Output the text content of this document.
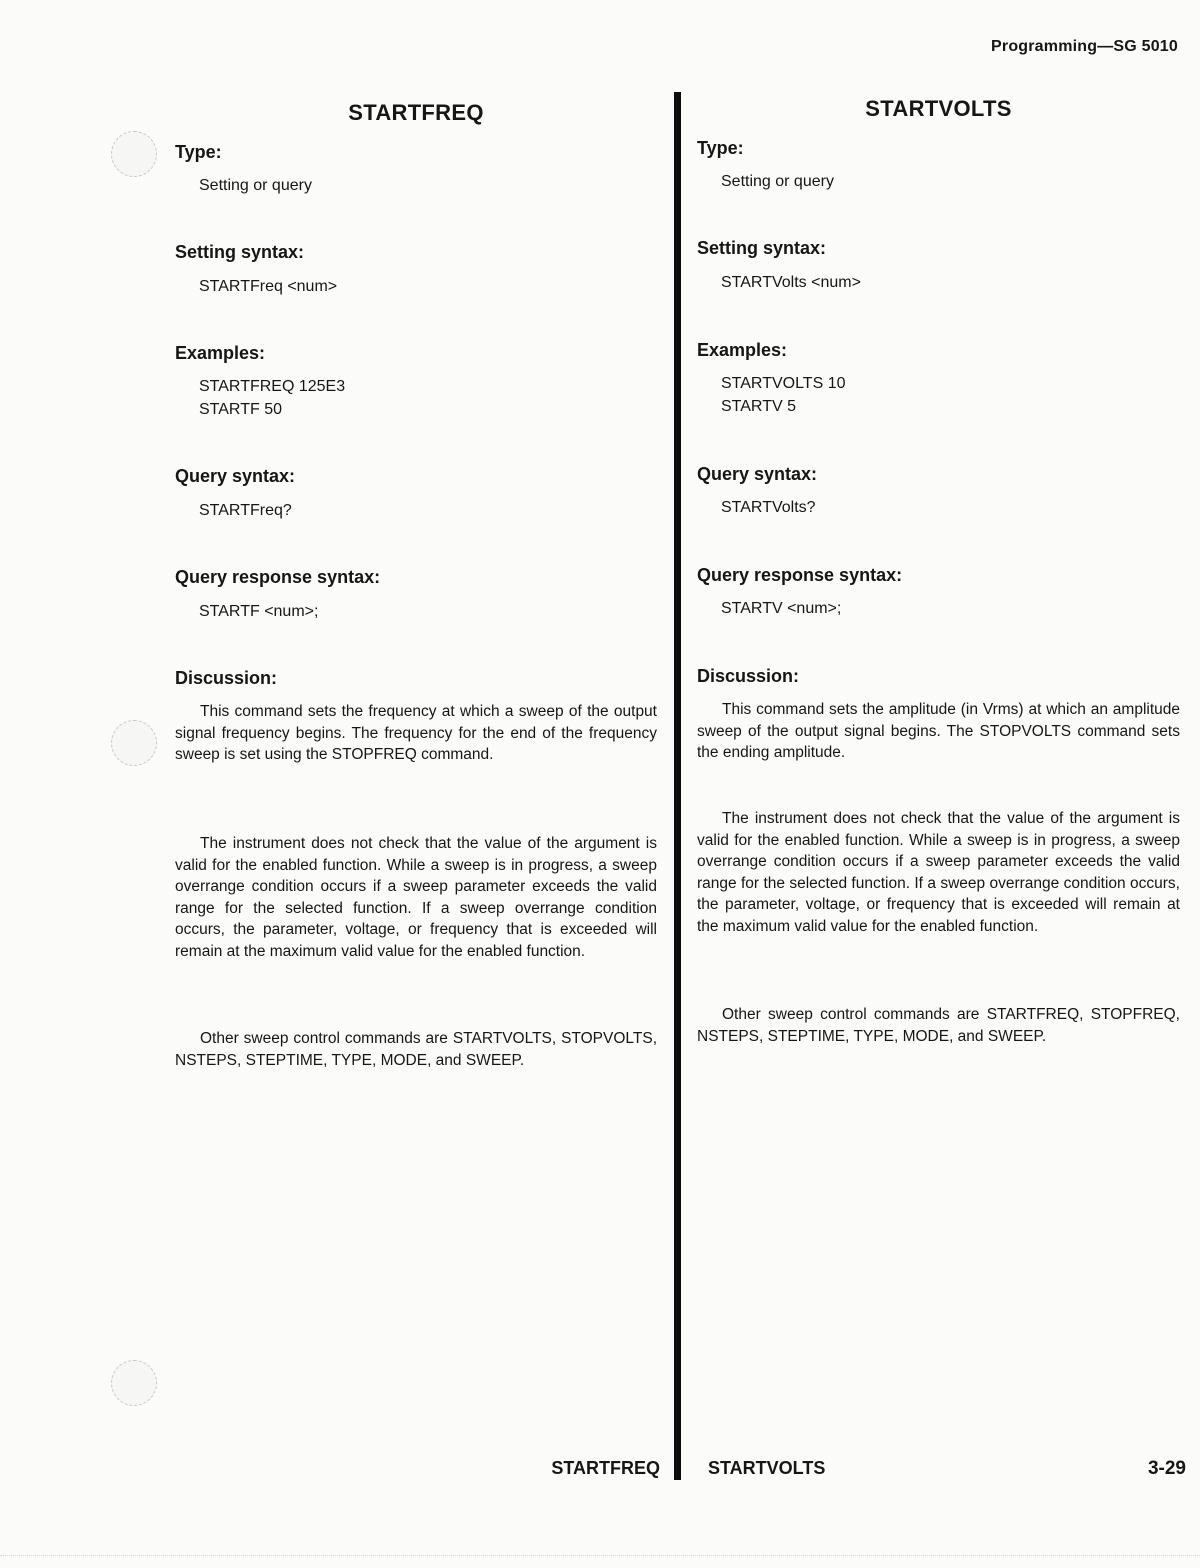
Programming—SG 5010
STARTFREQ
Type:
Setting or query
Setting syntax:
STARTFreq <num>
Examples:
STARTFREQ 125E3
STARTF 50
Query syntax:
STARTFreq?
Query response syntax:
STARTF <num>;
Discussion:

This command sets the frequency at which a sweep of the output signal frequency begins. The frequency for the end of the frequency sweep is set using the STOPFREQ command.

The instrument does not check that the value of the argument is valid for the enabled function. While a sweep is in progress, a sweep overrange condition occurs if a sweep parameter exceeds the valid range for the selected function. If a sweep overrange condition occurs, the parameter, voltage, or frequency that is exceeded will remain at the maximum valid value for the enabled function.

Other sweep control commands are STARTVOLTS, STOPVOLTS, NSTEPS, STEPTIME, TYPE, MODE, and SWEEP.

STARTVOLTS
Type:
Setting or query
Setting syntax:
STARTVolts <num>
Examples:
STARTVOLTS 10
STARTV 5
Query syntax:
STARTVolts?
Query response syntax:
STARTV <num>;
Discussion:

This command sets the amplitude (in Vrms) at which an amplitude sweep of the output signal begins. The STOPVOLTS command sets the ending amplitude.

The instrument does not check that the value of the argument is valid for the enabled function. While a sweep is in progress, a sweep overrange condition occurs if a sweep parameter exceeds the valid range for the selected function. If a sweep overrange condition occurs, the parameter, voltage, or frequency that is exceeded will remain at the maximum valid value for the enabled function.

Other sweep control commands are STARTFREQ, STOPFREQ, NSTEPS, STEPTIME, TYPE, MODE, and SWEEP.

STARTFREQ	STARTVOLTS	3-29
